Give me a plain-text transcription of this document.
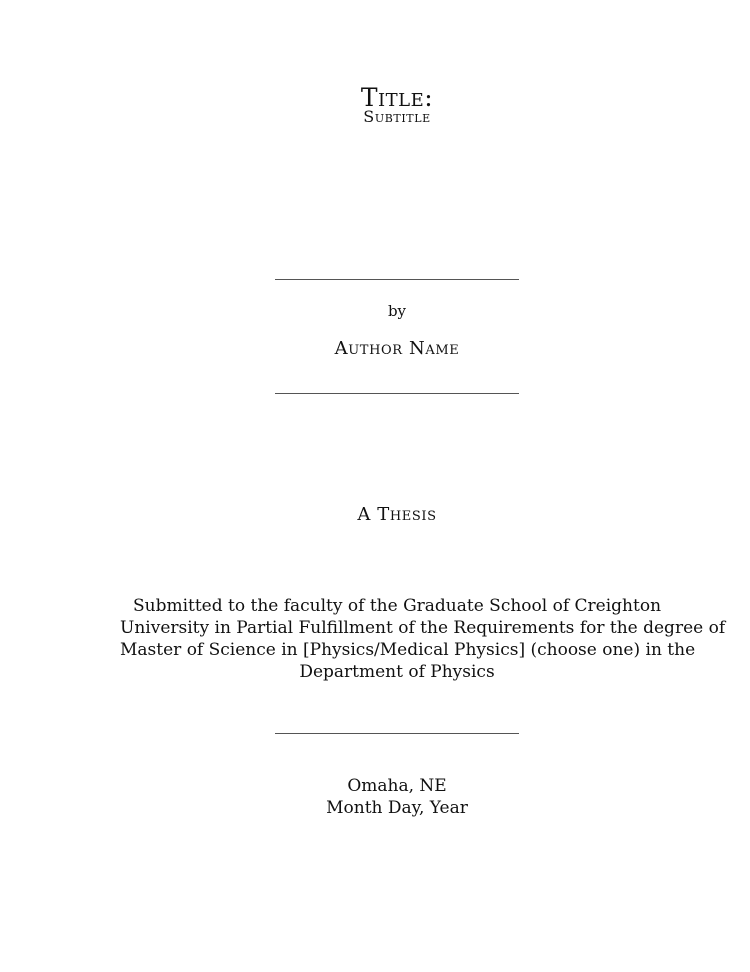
Title:
Subtitle
by
Author Name
A Thesis
Submitted to the faculty of the Graduate School of Creighton
University in Partial Fulfillment of the Requirements for the degree of
Master of Science in [Physics/Medical Physics] (choose one) in the
Department of Physics
Omaha, NE
Month Day, Year
